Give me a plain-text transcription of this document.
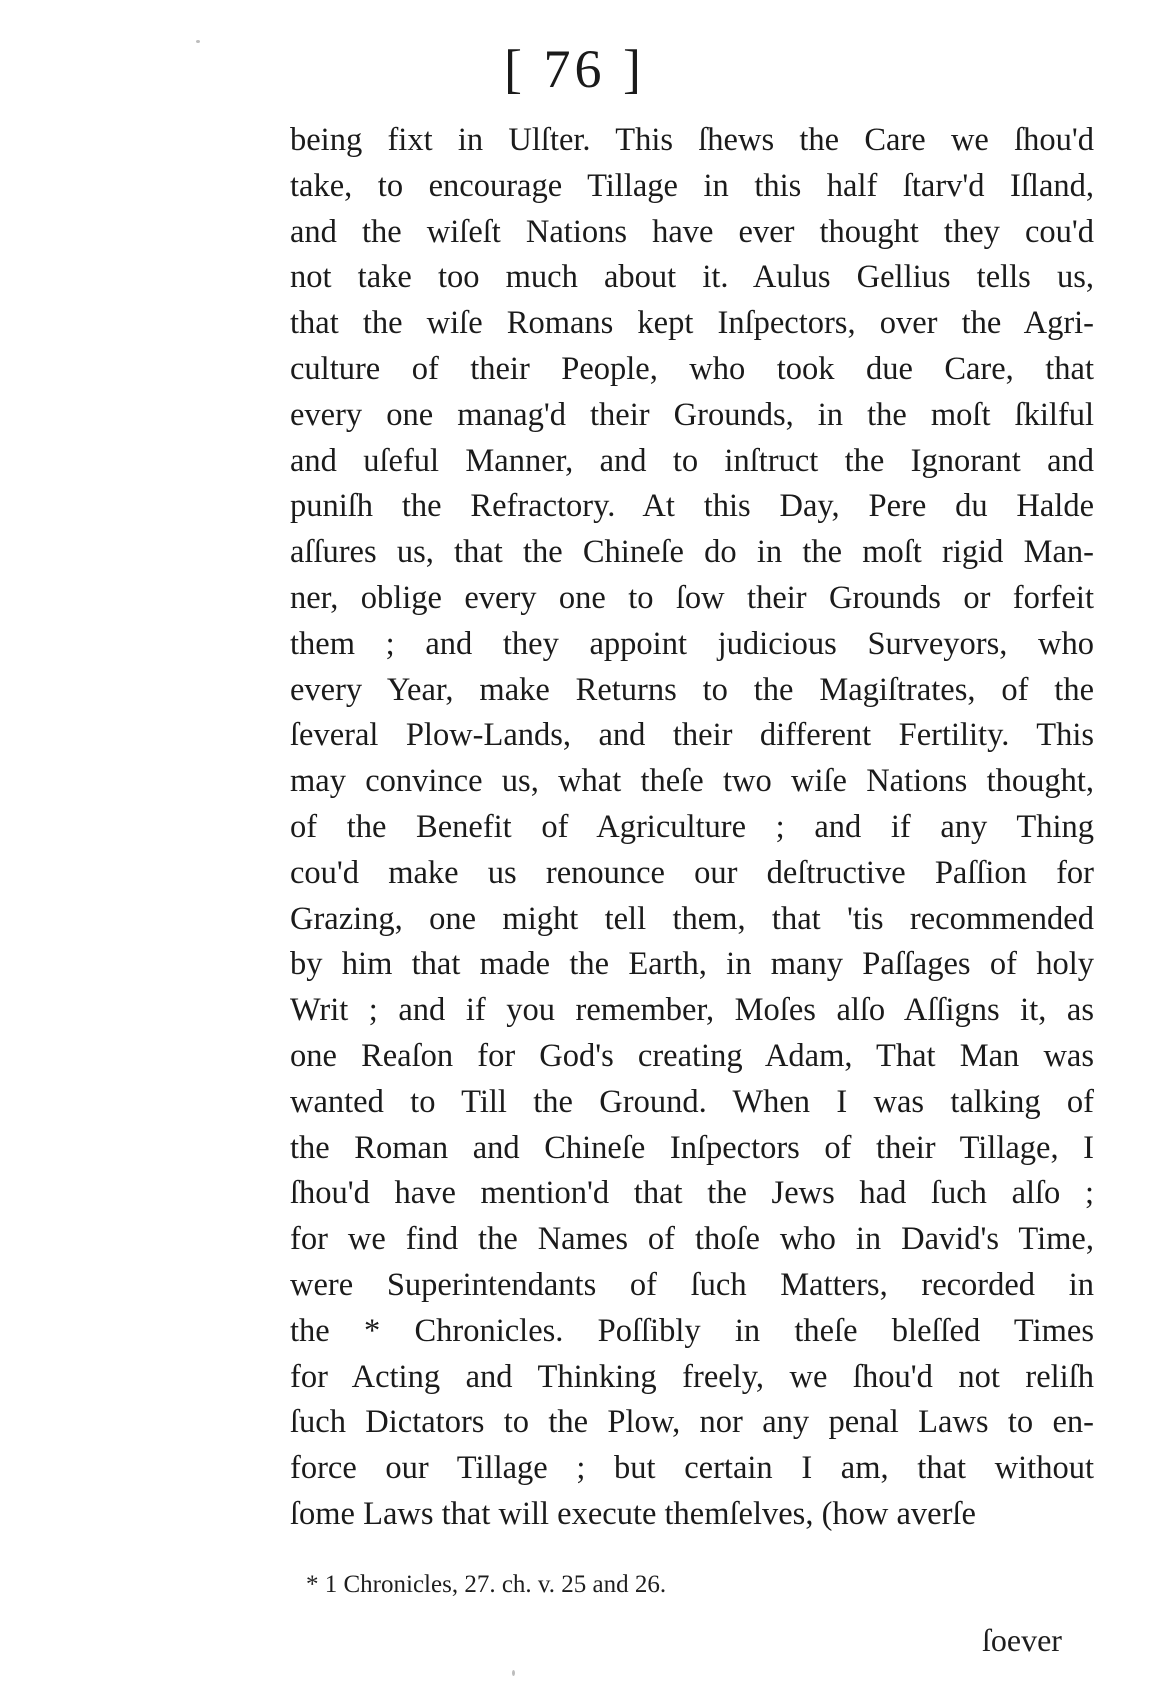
[ 76 ]
being fixt in Ulſter. This ſhews the Care we ſhou'd
take, to encourage Tillage in this half ſtarv'd Iſland,
and the wiſeſt Nations have ever thought they cou'd
not take too much about it. Aulus Gellius tells us,
that the wiſe Romans kept Inſpectors, over the Agri-
culture of their People, who took due Care, that
every one manag'd their Grounds, in the moſt ſkilful
and uſeful Manner, and to inſtruct the Ignorant and
puniſh the Refractory. At this Day, Pere du Halde
aſſures us, that the Chineſe do in the moſt rigid Man-
ner, oblige every one to ſow their Grounds or forfeit
them ; and they appoint judicious Surveyors, who
every Year, make Returns to the Magiſtrates, of the
ſeveral Plow-Lands, and their different Fertility. This
may convince us, what theſe two wiſe Nations thought,
of the Benefit of Agriculture ; and if any Thing
cou'd make us renounce our deſtructive Paſſion for
Grazing, one might tell them, that 'tis recommended
by him that made the Earth, in many Paſſages of holy
Writ ; and if you remember, Moſes alſo Aſſigns it, as
one Reaſon for God's creating Adam, That Man was
wanted to Till the Ground. When I was talking of
the Roman and Chineſe Inſpectors of their Tillage, I
ſhou'd have mention'd that the Jews had ſuch alſo ;
for we find the Names of thoſe who in David's Time,
were Superintendants of ſuch Matters, recorded in
the * Chronicles. Poſſibly in theſe bleſſed Times
for Acting and Thinking freely, we ſhou'd not reliſh
ſuch Dictators to the Plow, nor any penal Laws to en-
force our Tillage ; but certain I am, that without
ſome Laws that will execute themſelves, (how averſe
* 1 Chronicles, 27. ch. v. 25 and 26.
ſoever
